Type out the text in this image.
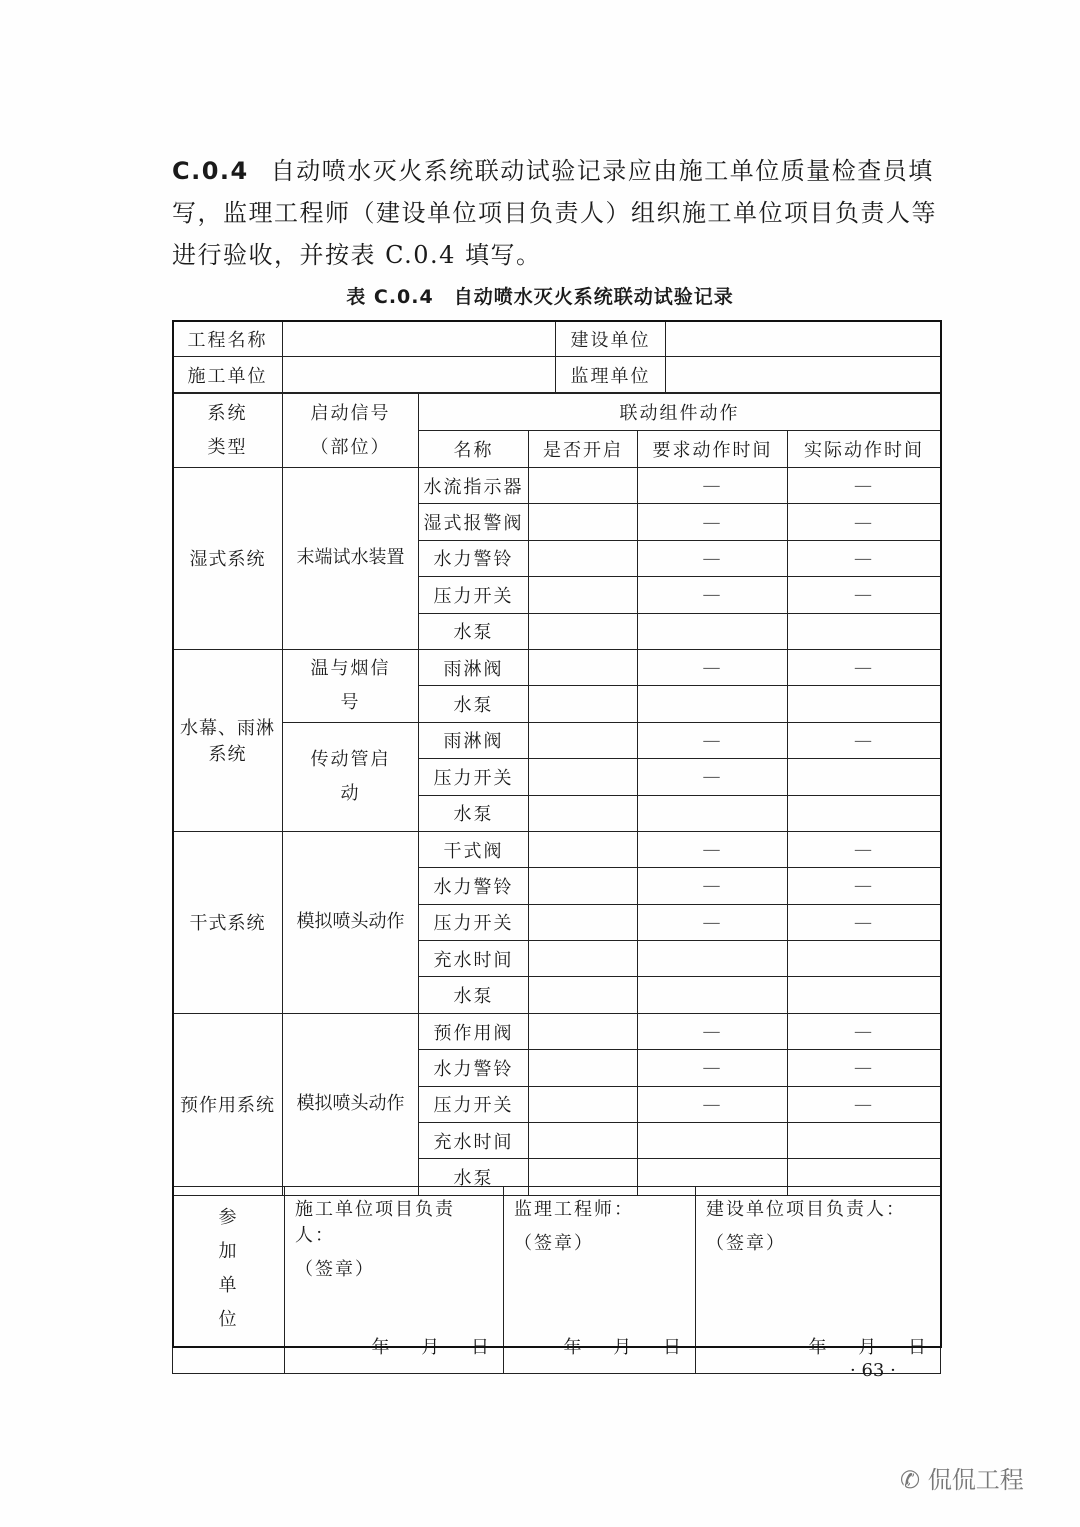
C.0.4 自动喷水灭火系统联动试验记录应由施工单位质量检查员填写，监理工程师（建设单位项目负责人）组织施工单位项目负责人等进行验收，并按表 C.0.4 填写。
表 C.0.4　自动喷水灭火系统联动试验记录
工程名称		建设单位	
施工单位		监理单位	
系统类型	启动信号（部位）	联动组件动作			
		名称	是否开启	要求动作时间	实际动作时间
湿式系统	末端试水装置	水流指示器		—	—
		湿式报警阀		—	—
		水力警铃		—	—
		压力开关		—	—
		水泵			
水幕、雨淋系统	温与烟信号	雨淋阀		—	—
		水泵			
	传动管启动	雨淋阀		—	—
		压力开关		—	
		水泵			
干式系统	模拟喷头动作	干式阀		—	—
		水力警铃		—	—
		压力开关		—	—
		充水时间			
		水泵			
预作用系统	模拟喷头动作	预作用阀		—	—
		水力警铃		—	—
		压力开关		—	—
		充水时间			
		水泵			
参加单位	
施工单位项目负责人：
（签章）
年 月 日

监理工程师：
（签章）
年 月 日

建设单位项目负责人：
（签章）
年 月 日
· 63 ·
✆ 侃侃工程
